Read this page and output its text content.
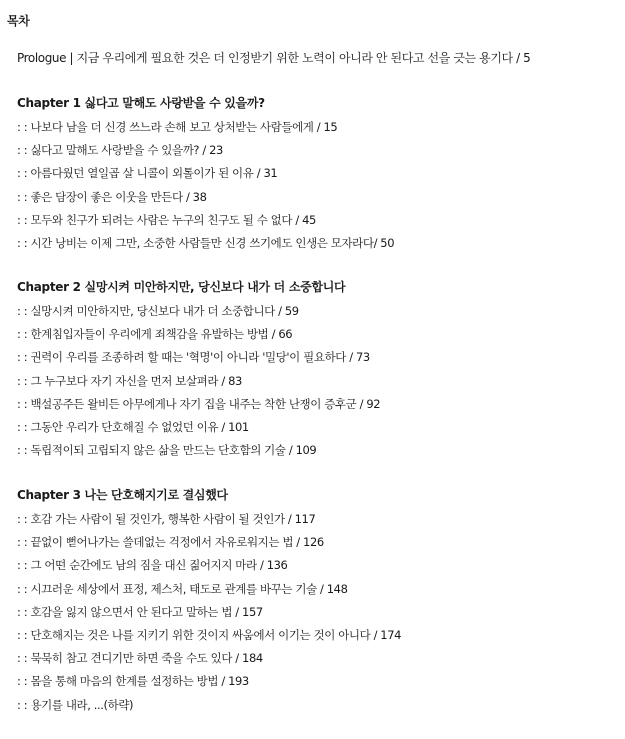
목차
Prologue | 지금 우리에게 필요한 것은 더 인정받기 위한 노력이 아니라 안 된다고 선을 긋는 용기다 / 5
Chapter 1 싫다고 말해도 사랑받을 수 있을까?
: : 나보다 남을 더 신경 쓰느라 손해 보고 상처받는 사람들에게 / 15
: : 싫다고 말해도 사랑받을 수 있을까? / 23
: : 아름다웠던 열일곱 살 니콜이 외톨이가 된 이유 / 31
: : 좋은 담장이 좋은 이웃을 만든다 / 38
: : 모두와 친구가 되려는 사람은 누구의 친구도 될 수 없다 / 45
: : 시간 낭비는 이제 그만, 소중한 사람들만 신경 쓰기에도 인생은 모자라다/ 50
Chapter 2 실망시켜 미안하지만, 당신보다 내가 더 소중합니다
: : 실망시켜 미안하지만, 당신보다 내가 더 소중합니다 / 59
: : 한계침입자들이 우리에게 죄책감을 유발하는 방법 / 66
: : 권력이 우리를 조종하려 할 때는 '혁명'이 아니라 '밀당'이 필요하다 / 73
: : 그 누구보다 자기 자신을 먼저 보살펴라 / 83
: : 백설공주든 왈비든 아무에게나 자기 집을 내주는 착한 난쟁이 증후군 / 92
: : 그동안 우리가 단호해질 수 없었던 이유 / 101
: : 독립적이되 고립되지 않은 삶을 만드는 단호함의 기술 / 109
Chapter 3 나는 단호해지기로 결심했다
: : 호감 가는 사람이 될 것인가, 행복한 사람이 될 것인가 / 117
: : 끝없이 뻗어나가는 쓸데없는 걱정에서 자유로워지는 법 / 126
: : 그 어떤 순간에도 남의 짐을 대신 짊어지지 마라 / 136
: : 시끄러운 세상에서 표정, 제스처, 태도로 관계를 바꾸는 기술 / 148
: : 호감을 잃지 않으면서 안 된다고 말하는 법 / 157
: : 단호해지는 것은 나를 지키기 위한 것이지 싸움에서 이기는 것이 아니다 / 174
: : 묵묵히 참고 견디기만 하면 죽을 수도 있다 / 184
: : 몸을 통해 마음의 한계를 설정하는 방법 / 193
: : 용기를 내라, ...(하략)
